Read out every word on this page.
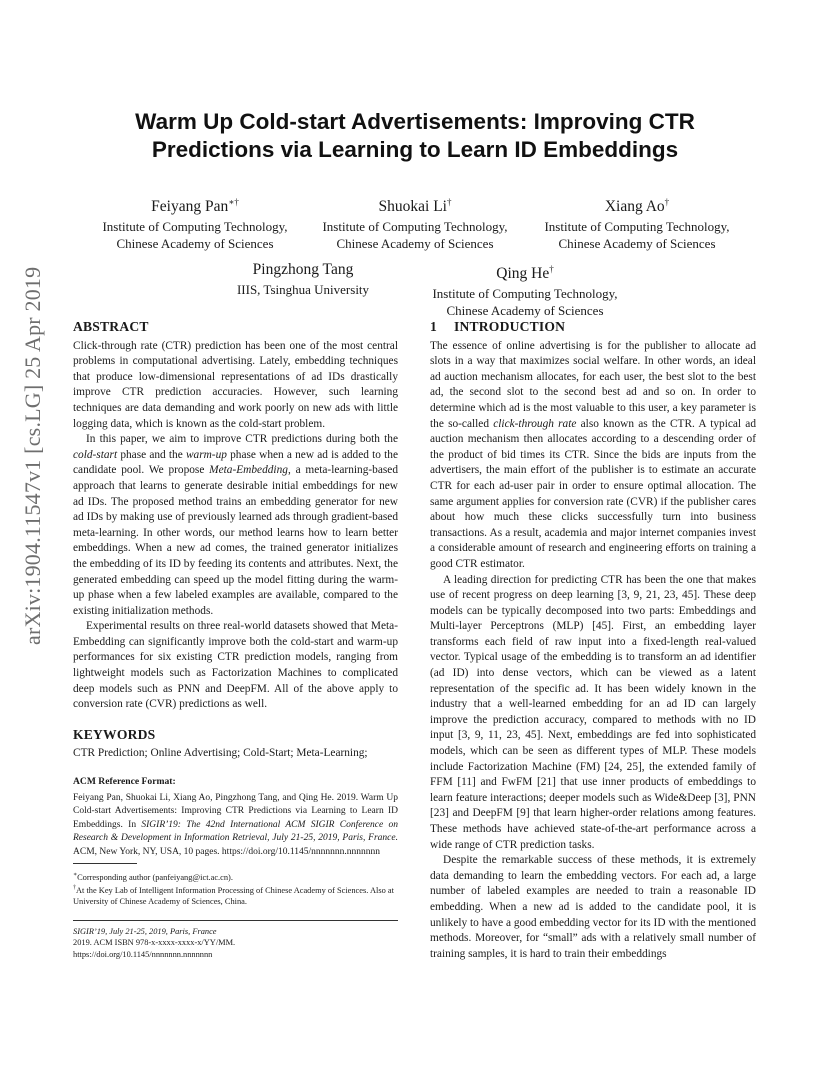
arXiv:1904.11547v1 [cs.LG] 25 Apr 2019
Warm Up Cold-start Advertisements: Improving CTR
Predictions via Learning to Learn ID Embeddings
Feiyang Pan∗†
Institute of Computing Technology,
Chinese Academy of Sciences
Shuokai Li†
Institute of Computing Technology,
Chinese Academy of Sciences
Xiang Ao†
Institute of Computing Technology,
Chinese Academy of Sciences
Pingzhong Tang
IIIS, Tsinghua University
Qing He†
Institute of Computing Technology,
Chinese Academy of Sciences
ABSTRACT

Click-through rate (CTR) prediction has been one of the most central problems in computational advertising. Lately, embedding techniques that produce low-dimensional representations of ad IDs drastically improve CTR prediction accuracies. However, such learning techniques are data demanding and work poorly on new ads with little logging data, which is known as the cold-start problem.

In this paper, we aim to improve CTR predictions during both the cold-start phase and the warm-up phase when a new ad is added to the candidate pool. We propose Meta-Embedding, a meta-learning-based approach that learns to generate desirable initial embeddings for new ad IDs. The proposed method trains an embedding generator for new ad IDs by making use of previously learned ads through gradient-based meta-learning. In other words, our method learns how to learn better embeddings. When a new ad comes, the trained generator initializes the embedding of its ID by feeding its contents and attributes. Next, the generated embedding can speed up the model fitting during the warm-up phase when a few labeled examples are available, compared to the existing initialization methods.

Experimental results on three real-world datasets showed that Meta-Embedding can significantly improve both the cold-start and warm-up performances for six existing CTR prediction models, ranging from lightweight models such as Factorization Machines to complicated deep models such as PNN and DeepFM. All of the above apply to conversion rate (CVR) predictions as well.

KEYWORDS

CTR Prediction; Online Advertising; Cold-Start; Meta-Learning;

ACM Reference Format:

Feiyang Pan, Shuokai Li, Xiang Ao, Pingzhong Tang, and Qing He. 2019. Warm Up Cold-start Advertisements: Improving CTR Predictions via Learning to Learn ID Embeddings. In SIGIR’19: The 42nd International ACM SIGIR Conference on Research & Development in Information Retrieval, July 21-25, 2019, Paris, France. ACM, New York, NY, USA, 10 pages. https://doi.org/10.1145/nnnnnnn.nnnnnnn

∗Corresponding author (panfeiyang@ict.ac.cn).

†At the Key Lab of Intelligent Information Processing of Chinese Academy of Sciences. Also at University of Chinese Academy of Sciences, China.

SIGIR’19, July 21-25, 2019, Paris, France

2019. ACM ISBN 978-x-xxxx-xxxx-x/YY/MM.

https://doi.org/10.1145/nnnnnnn.nnnnnnn

1 INTRODUCTION

The essence of online advertising is for the publisher to allocate ad slots in a way that maximizes social welfare. In other words, an ideal ad auction mechanism allocates, for each user, the best slot to the best ad, the second slot to the second best ad and so on. In order to determine which ad is the most valuable to this user, a key parameter is the so-called click-through rate also known as the CTR. A typical ad auction mechanism then allocates according to a descending order of the product of bid times its CTR. Since the bids are inputs from the advertisers, the main effort of the publisher is to estimate an accurate CTR for each ad-user pair in order to ensure optimal allocation. The same argument applies for conversion rate (CVR) if the publisher cares about how much these clicks successfully turn into business transactions. As a result, academia and major internet companies invest a considerable amount of research and engineering efforts on training a good CTR estimator.

A leading direction for predicting CTR has been the one that makes use of recent progress on deep learning [3, 9, 21, 23, 45]. These deep models can be typically decomposed into two parts: Embeddings and Multi-layer Perceptrons (MLP) [45]. First, an embedding layer transforms each field of raw input into a fixed-length real-valued vector. Typical usage of the embedding is to transform an ad identifier (ad ID) into dense vectors, which can be viewed as a latent representation of the specific ad. It has been widely known in the industry that a well-learned embedding for an ad ID can largely improve the prediction accuracy, compared to methods with no ID input [3, 9, 11, 23, 45]. Next, embeddings are fed into sophisticated models, which can be seen as different types of MLP. These models include Factorization Machine (FM) [24, 25], the extended family of FFM [11] and FwFM [21] that use inner products of embeddings to learn feature interactions; deeper models such as Wide&Deep [3], PNN [23] and DeepFM [9] that learn higher-order relations among features. These methods have achieved state-of-the-art performance across a wide range of CTR prediction tasks.

Despite the remarkable success of these methods, it is extremely data demanding to learn the embedding vectors. For each ad, a large number of labeled examples are needed to train a reasonable ID embedding. When a new ad is added to the candidate pool, it is unlikely to have a good embedding vector for its ID with the mentioned methods. Moreover, for “small” ads with a relatively small number of training samples, it is hard to train their embeddings
